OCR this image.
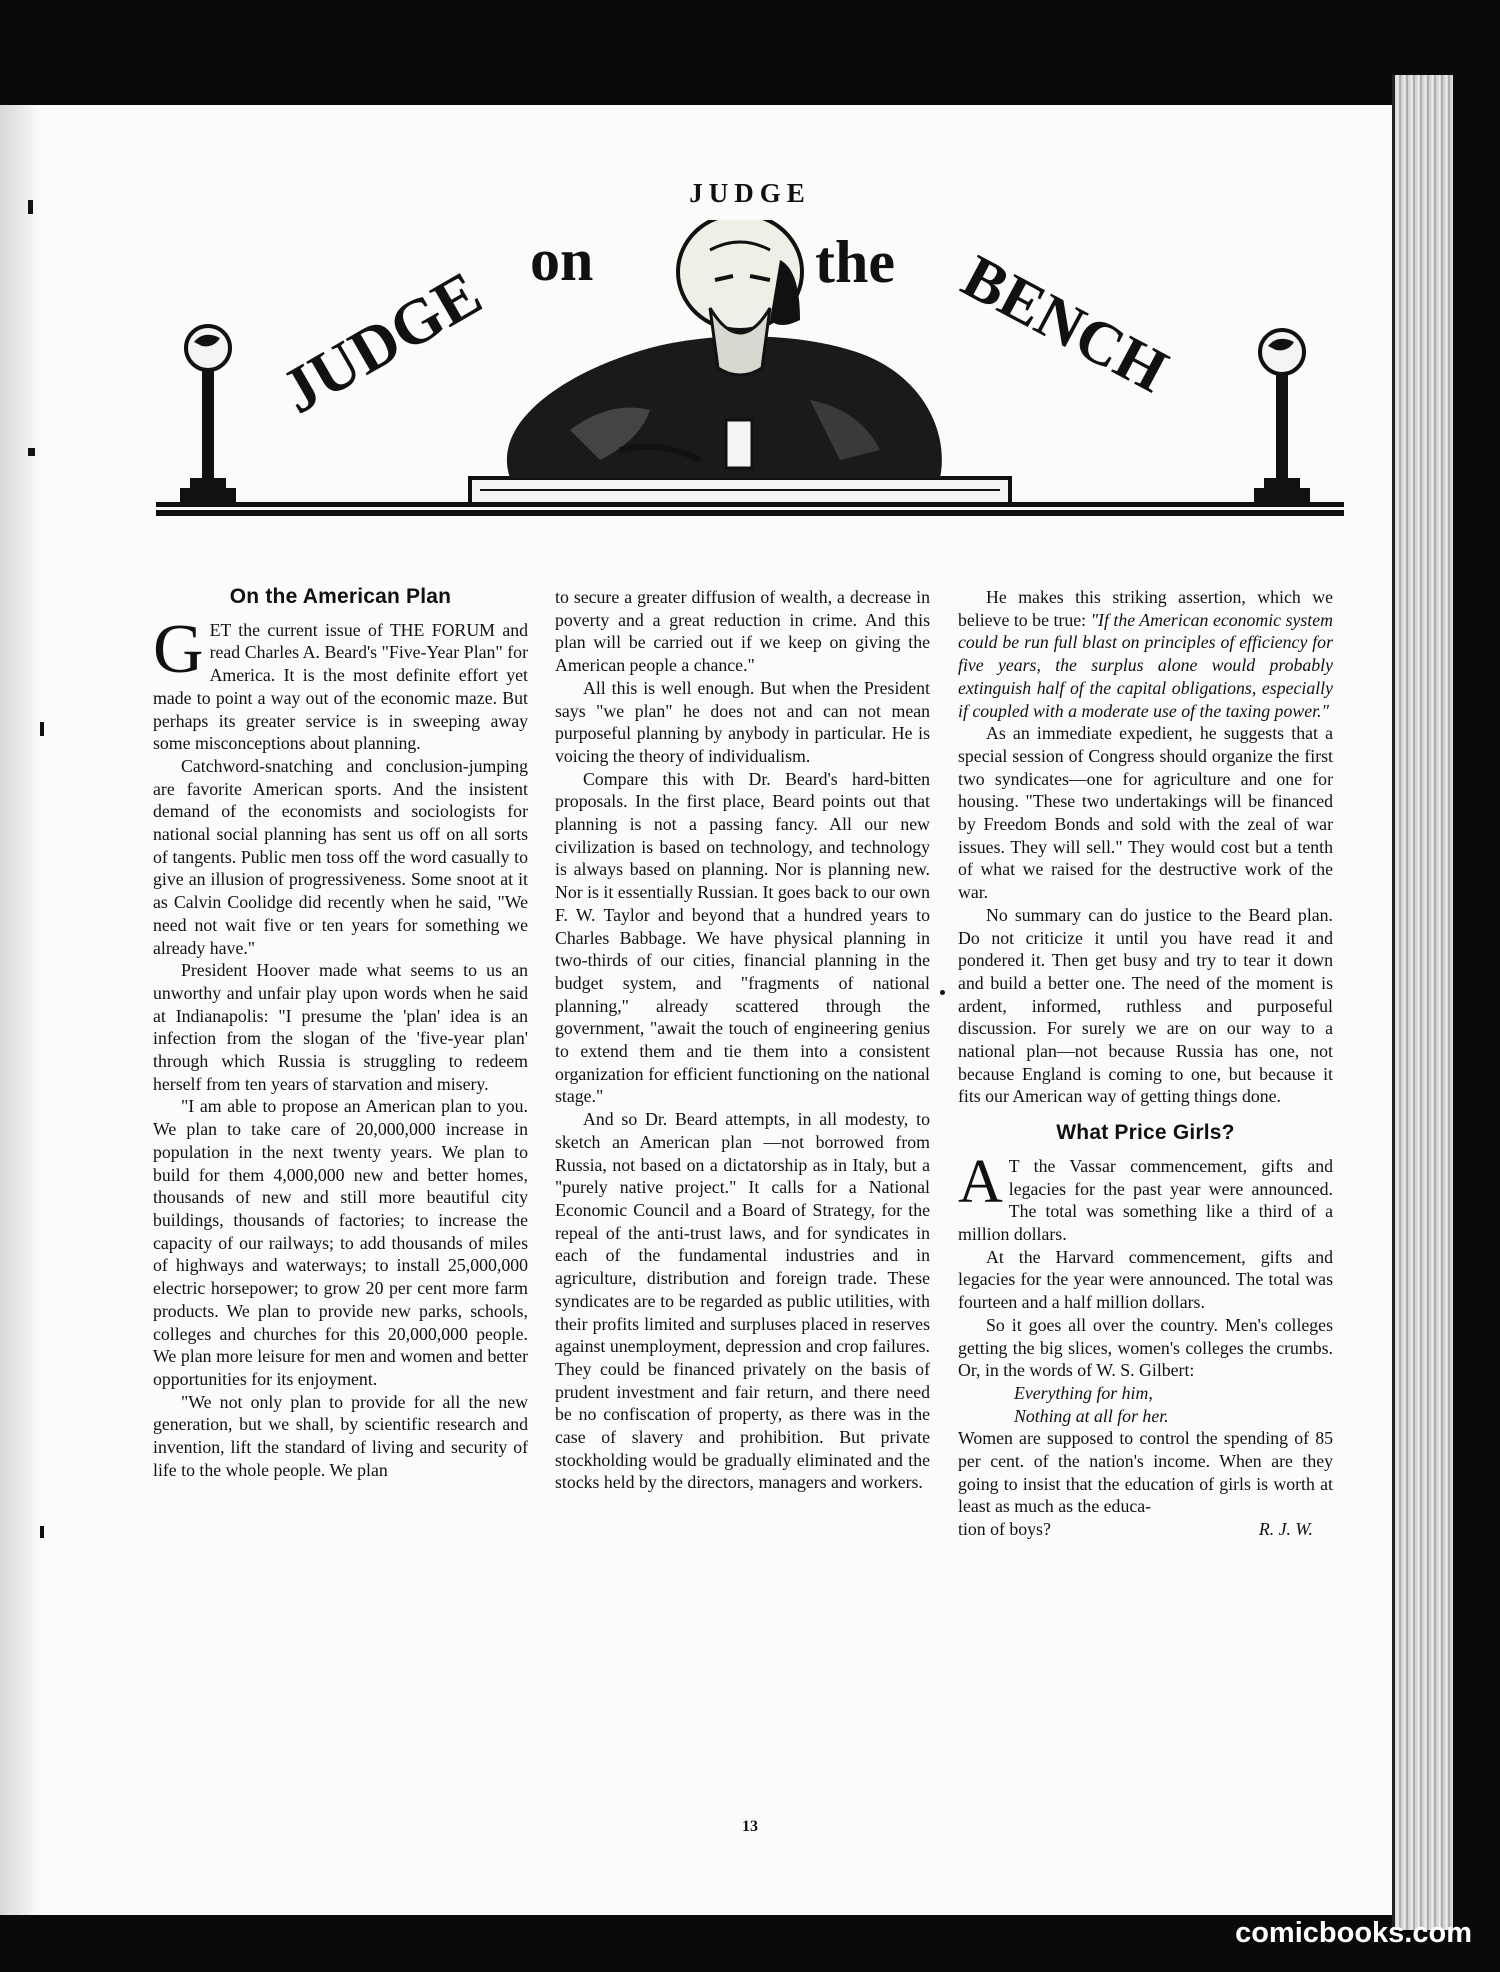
JUDGE
JUDGE on	the BENCH
On the American Plan

GET the current issue of THE FORUM and read Charles A. Beard's "Five-Year Plan" for America. It is the most definite effort yet made to point a way out of the economic maze. But perhaps its greater service is in sweeping away some misconceptions about planning.

Catchword-snatching and conclusion-jumping are favorite American sports. And the insistent demand of the economists and sociologists for national social planning has sent us off on all sorts of tangents. Public men toss off the word casually to give an illusion of progressiveness. Some snoot at it as Calvin Coolidge did recently when he said, "We need not wait five or ten years for something we already have."

President Hoover made what seems to us an unworthy and unfair play upon words when he said at Indianapolis: "I presume the 'plan' idea is an infection from the slogan of the 'five-year plan' through which Russia is struggling to redeem herself from ten years of starvation and misery.

"I am able to propose an American plan to you. We plan to take care of 20,000,000 increase in population in the next twenty years. We plan to build for them 4,000,000 new and better homes, thousands of new and still more beautiful city buildings, thousands of factories; to increase the capacity of our railways; to add thousands of miles of highways and waterways; to install 25,000,000 electric horsepower; to grow 20 per cent more farm products. We plan to provide new parks, schools, colleges and churches for this 20,000,000 people. We plan more leisure for men and women and better opportunities for its enjoyment.

"We not only plan to provide for all the new generation, but we shall, by scientific research and invention, lift the standard of living and security of life to the whole people. We plan

to secure a greater diffusion of wealth, a decrease in poverty and a great reduction in crime. And this plan will be carried out if we keep on giving the American people a chance."

All this is well enough. But when the President says "we plan" he does not and can not mean purposeful planning by anybody in particular. He is voicing the theory of individualism.

Compare this with Dr. Beard's hard-bitten proposals. In the first place, Beard points out that planning is not a passing fancy. All our new civilization is based on technology, and technology is always based on planning. Nor is planning new. Nor is it essentially Russian. It goes back to our own F. W. Taylor and beyond that a hundred years to Charles Babbage. We have physical planning in two-thirds of our cities, financial planning in the budget system, and "fragments of national planning," already scattered through the government, "await the touch of engineering genius to extend them and tie them into a consistent organization for efficient functioning on the national stage."

And so Dr. Beard attempts, in all modesty, to sketch an American plan —not borrowed from Russia, not based on a dictatorship as in Italy, but a "purely native project." It calls for a National Economic Council and a Board of Strategy, for the repeal of the anti-trust laws, and for syndicates in each of the fundamental industries and in agriculture, distribution and foreign trade. These syndicates are to be regarded as public utilities, with their profits limited and surpluses placed in reserves against unemployment, depression and crop failures. They could be financed privately on the basis of prudent investment and fair return, and there need be no confiscation of property, as there was in the case of slavery and prohibition. But private stockholding would be gradually eliminated and the stocks held by the directors, managers and workers.

He makes this striking assertion, which we believe to be true: "If the American economic system could be run full blast on principles of efficiency for five years, the surplus alone would probably extinguish half of the capital obligations, especially if coupled with a moderate use of the taxing power."

As an immediate expedient, he suggests that a special session of Congress should organize the first two syndicates—one for agriculture and one for housing. "These two undertakings will be financed by Freedom Bonds and sold with the zeal of war issues. They will sell." They would cost but a tenth of what we raised for the destructive work of the war.

No summary can do justice to the Beard plan. Do not criticize it until you have read it and pondered it. Then get busy and try to tear it down and build a better one. The need of the moment is ardent, informed, ruthless and purposeful discussion. For surely we are on our way to a national plan—not because Russia has one, not because England is coming to one, but because it fits our American way of getting things done.

What Price Girls?

A T the Vassar commencement, gifts and legacies for the past year were announced. The total was something like a third of a million dollars.

At the Harvard commencement, gifts and legacies for the year were announced. The total was fourteen and a half million dollars.

So it goes all over the country. Men's colleges getting the big slices, women's colleges the crumbs. Or, in the words of W. S. Gilbert:

Everything for him,

Nothing at all for her.

Women are supposed to control the spending of 85 per cent. of the nation's income. When are they going to insist that the education of girls is worth at least as much as the educa-

tion of boys?	R. J. W.
13
comicbooks.com
